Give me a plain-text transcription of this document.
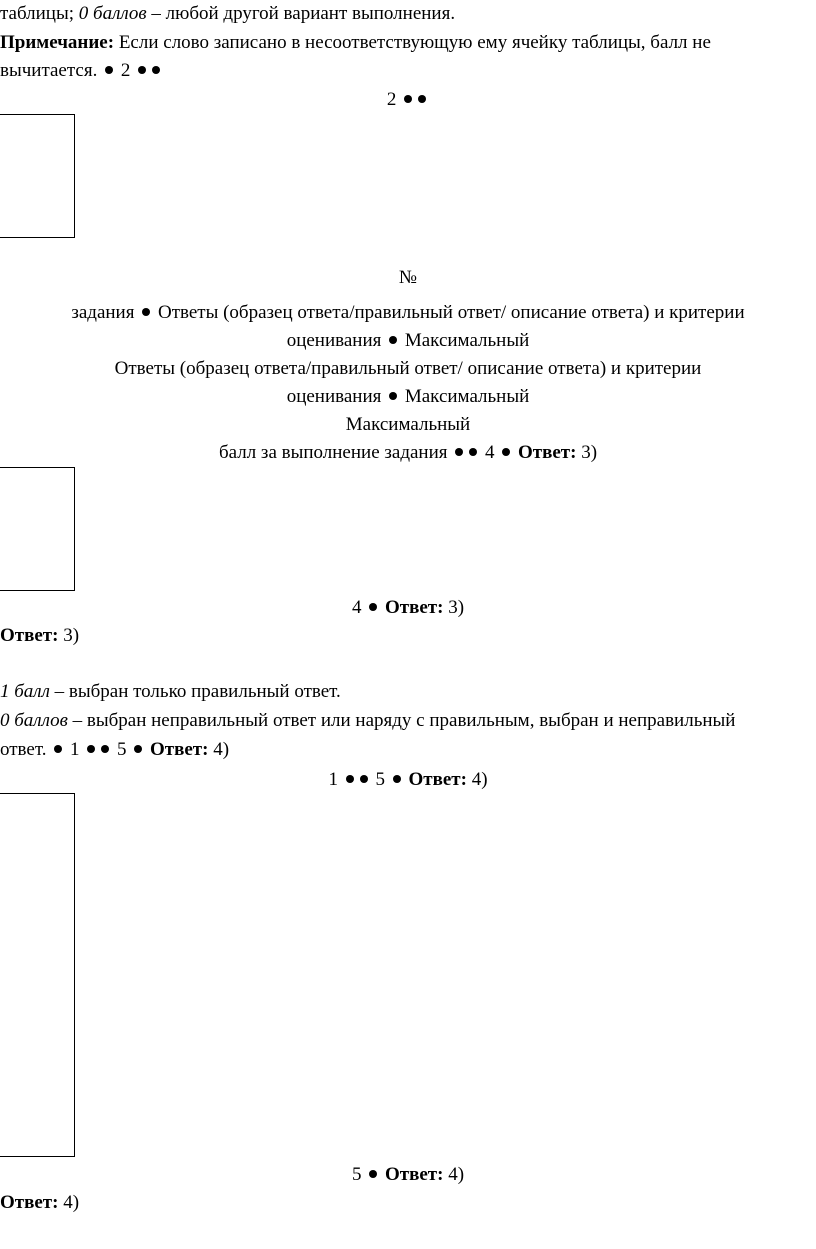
таблицы; 0 баллов – любой другой вариант выполнения.
Примечание: Если слово записано в несоответствующую ему ячейку таблицы, балл не
вычитается.  2
2
№
задания  Ответы (образец ответа/правильный ответ/ описание ответа) и критерии
оценивания  Максимальный
Ответы (образец ответа/правильный ответ/ описание ответа) и критерии
оценивания  Максимальный
Максимальный
балл за выполнение задания  4 Ответ: 3)
4 Ответ: 3)
Ответ: 3)
1 балл – выбран только правильный ответ.
0 баллов – выбран неправильный ответ или наряду с правильным, выбран и неправильный
ответ.  1 5 Ответ: 4)
1 5 Ответ: 4)
5 Ответ: 4)
Ответ: 4)
